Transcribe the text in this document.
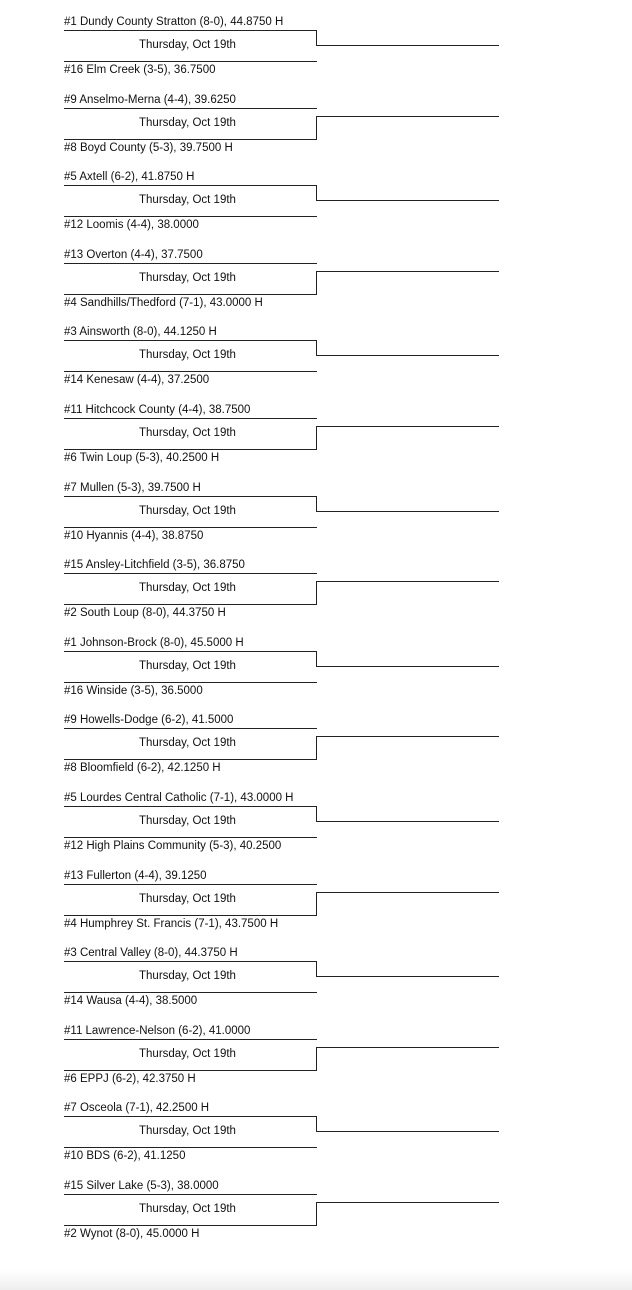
#1 Dundy County Stratton (8-0), 44.8750 H
Thursday, Oct 19th
#16 Elm Creek (3-5), 36.7500
#9 Anselmo-Merna (4-4), 39.6250
Thursday, Oct 19th
#8 Boyd County (5-3), 39.7500 H
#5 Axtell (6-2), 41.8750 H
Thursday, Oct 19th
#12 Loomis (4-4), 38.0000
#13 Overton (4-4), 37.7500
Thursday, Oct 19th
#4 Sandhills/Thedford (7-1), 43.0000 H
#3 Ainsworth (8-0), 44.1250 H
Thursday, Oct 19th
#14 Kenesaw (4-4), 37.2500
#11 Hitchcock County (4-4), 38.7500
Thursday, Oct 19th
#6 Twin Loup (5-3), 40.2500 H
#7 Mullen (5-3), 39.7500 H
Thursday, Oct 19th
#10 Hyannis (4-4), 38.8750
#15 Ansley-Litchfield (3-5), 36.8750
Thursday, Oct 19th
#2 South Loup (8-0), 44.3750 H
#1 Johnson-Brock (8-0), 45.5000 H
Thursday, Oct 19th
#16 Winside (3-5), 36.5000
#9 Howells-Dodge (6-2), 41.5000
Thursday, Oct 19th
#8 Bloomfield (6-2), 42.1250 H
#5 Lourdes Central Catholic (7-1), 43.0000 H
Thursday, Oct 19th
#12 High Plains Community (5-3), 40.2500
#13 Fullerton (4-4), 39.1250
Thursday, Oct 19th
#4 Humphrey St. Francis (7-1), 43.7500 H
#3 Central Valley (8-0), 44.3750 H
Thursday, Oct 19th
#14 Wausa (4-4), 38.5000
#11 Lawrence-Nelson (6-2), 41.0000
Thursday, Oct 19th
#6 EPPJ (6-2), 42.3750 H
#7 Osceola (7-1), 42.2500 H
Thursday, Oct 19th
#10 BDS (6-2), 41.1250
#15 Silver Lake (5-3), 38.0000
Thursday, Oct 19th
#2 Wynot (8-0), 45.0000 H
